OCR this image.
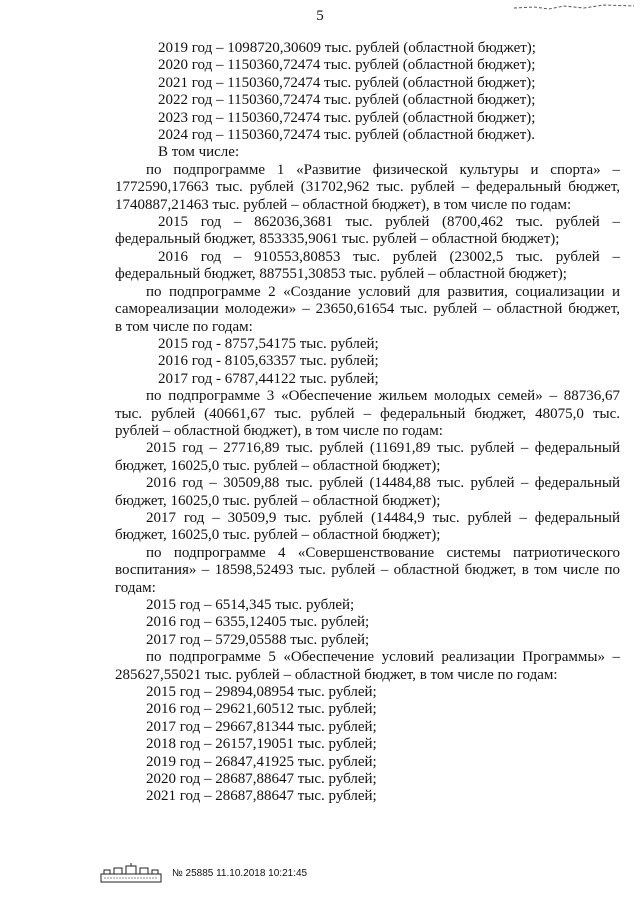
5
2019 год – 1098720,30609 тыс. рублей (областной бюджет);
2020 год – 1150360,72474 тыс. рублей (областной бюджет);
2021 год – 1150360,72474 тыс. рублей (областной бюджет);
2022 год – 1150360,72474 тыс. рублей (областной бюджет);
2023 год – 1150360,72474 тыс. рублей (областной бюджет);
2024 год – 1150360,72474 тыс. рублей (областной бюджет).
В том числе:
по подпрограмме 1 «Развитие физической культуры и спорта» –
1772590,17663 тыс. рублей (31702,962 тыс. рублей – федеральный бюджет,
1740887,21463 тыс. рублей – областной бюджет), в том числе по годам:
2015 год – 862036,3681 тыс. рублей (8700,462 тыс. рублей –
федеральный бюджет, 853335,9061 тыс. рублей – областной бюджет);
2016 год – 910553,80853 тыс. рублей (23002,5 тыс. рублей –
федеральный бюджет, 887551,30853 тыс. рублей – областной бюджет);
по подпрограмме 2 «Создание условий для развития, социализации и
самореализации молодежи» – 23650,61654 тыс. рублей – областной бюджет,
в том числе по годам:
2015 год - 8757,54175 тыс. рублей;
2016 год - 8105,63357 тыс. рублей;
2017 год - 6787,44122 тыс. рублей;
по подпрограмме 3 «Обеспечение жильем молодых семей» – 88736,67
тыс. рублей (40661,67 тыс. рублей – федеральный бюджет, 48075,0 тыс.
рублей – областной бюджет), в том числе по годам:
2015 год – 27716,89 тыс. рублей (11691,89 тыс. рублей – федеральный
бюджет, 16025,0 тыс. рублей – областной бюджет);
2016 год – 30509,88 тыс. рублей (14484,88 тыс. рублей – федеральный
бюджет, 16025,0 тыс. рублей – областной бюджет);
2017 год – 30509,9 тыс. рублей (14484,9 тыс. рублей – федеральный
бюджет, 16025,0 тыс. рублей – областной бюджет);
по подпрограмме 4 «Совершенствование системы патриотического
воспитания» – 18598,52493 тыс. рублей – областной бюджет, в том числе по
годам:
2015 год – 6514,345 тыс. рублей;
2016 год – 6355,12405 тыс. рублей;
2017 год – 5729,05588 тыс. рублей;
по подпрограмме 5 «Обеспечение условий реализации Программы» –
285627,55021 тыс. рублей – областной бюджет, в том числе по годам:
2015 год – 29894,08954 тыс. рублей;
2016 год – 29621,60512 тыс. рублей;
2017 год – 29667,81344 тыс. рублей;
2018 год – 26157,19051 тыс. рублей;
2019 год – 26847,41925 тыс. рублей;
2020 год – 28687,88647 тыс. рублей;
2021 год – 28687,88647 тыс. рублей;
№ 25885 11.10.2018 10:21:45
